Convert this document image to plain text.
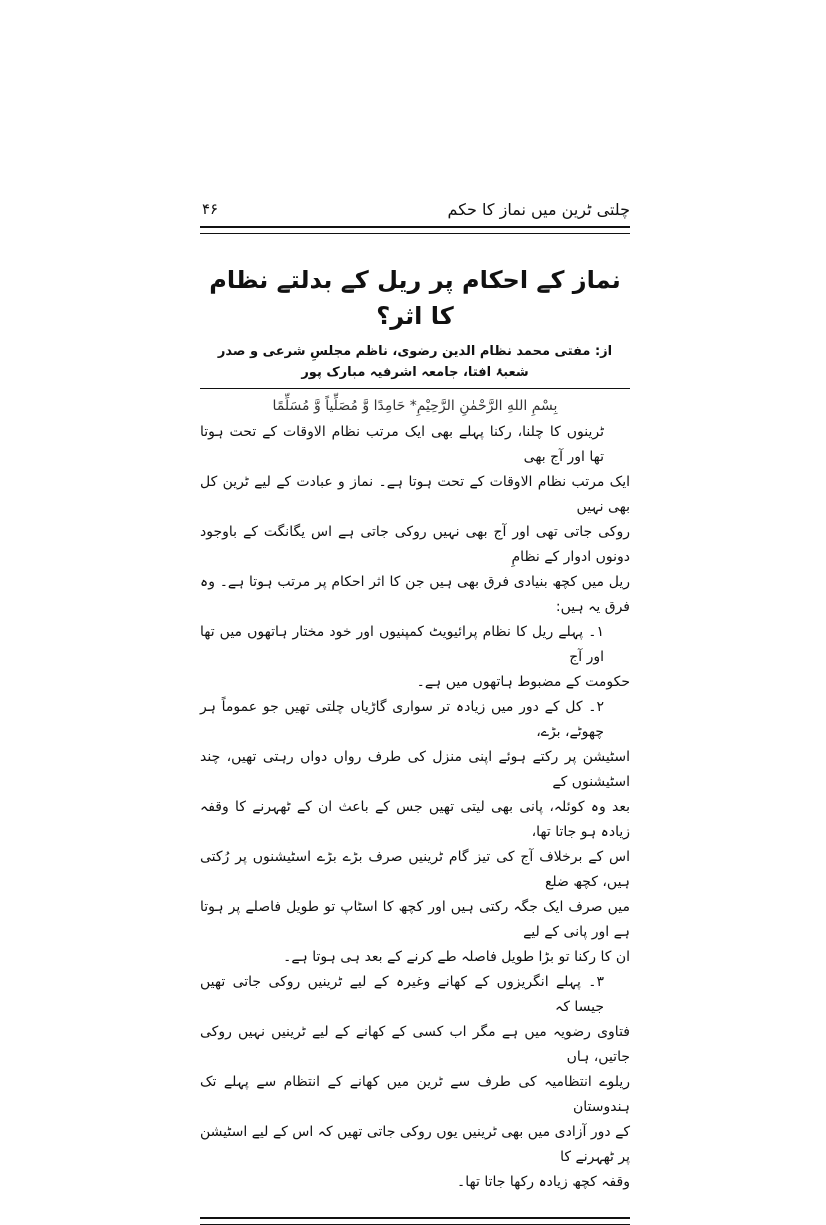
چلتی ٹرین میں نماز کا حکم
۴۶
نماز کے احکام پر ریل کے بدلتے نظام کا اثر؟
از: مفتی محمد نظام الدین رضوی، ناظم مجلسِ شرعی و صدر شعبۂ افتا، جامعہ اشرفیہ مبارک پور
بِسْمِ اللهِ الرَّحْمٰنِ الرَّحِیْمِ* حَامِدًا وَّ مُصَلِّیاً وَّ مُسَلِّمًا
ٹرینوں کا چلنا، رکنا پہلے بھی ایک مرتب نظام الاوقات کے تحت ہوتا تھا اور آج بھی
ایک مرتب نظام الاوقات کے تحت ہوتا ہے۔ نماز و عبادت کے لیے ٹرین کل بھی نہیں
روکی جاتی تھی اور آج بھی نہیں روکی جاتی ہے اس یگانگت کے باوجود دونوں ادوار کے نظامِ
ریل میں کچھ بنیادی فرق بھی ہیں جن کا اثر احکام پر مرتب ہوتا ہے۔ وہ فرق یہ ہیں:
۱۔ پہلے ریل کا نظام پرائیویٹ کمپنیوں اور خود مختار ہاتھوں میں تھا اور آج
حکومت کے مضبوط ہاتھوں میں ہے۔
۲۔ کل کے دور میں زیادہ تر سواری گاڑیاں چلتی تھیں جو عموماً ہر چھوٹے، بڑے،
اسٹیشن پر رکتے ہوئے اپنی منزل کی طرف رواں دواں رہتی تھیں، چند اسٹیشنوں کے
بعد وہ کوئلہ، پانی بھی لیتی تھیں جس کے باعث ان کے ٹھہرنے کا وقفہ زیادہ ہو جاتا تھا،
اس کے برخلاف آج کی تیز گام ٹرینیں صرف بڑے بڑے اسٹیشنوں پر رُکتی ہیں، کچھ ضلع
میں صرف ایک جگہ رکتی ہیں اور کچھ کا اسٹاپ تو طویل فاصلے پر ہوتا ہے اور پانی کے لیے
ان کا رکنا تو بڑا طویل فاصلہ طے کرنے کے بعد ہی ہوتا ہے۔
۳۔ پہلے انگریزوں کے کھانے وغیرہ کے لیے ٹرینیں روکی جاتی تھیں جیسا کہ
فتاوی رضویہ میں ہے مگر اب کسی کے کھانے کے لیے ٹرینیں نہیں روکی جاتیں، ہاں
ریلوے انتظامیہ کی طرف سے ٹرین میں کھانے کے انتظام سے پہلے تک ہندوستان
کے دور آزادی میں بھی ٹرینیں یوں روکی جاتی تھیں کہ اس کے لیے اسٹیشن پر ٹھہرنے کا
وقفہ کچھ زیادہ رکھا جاتا تھا۔
